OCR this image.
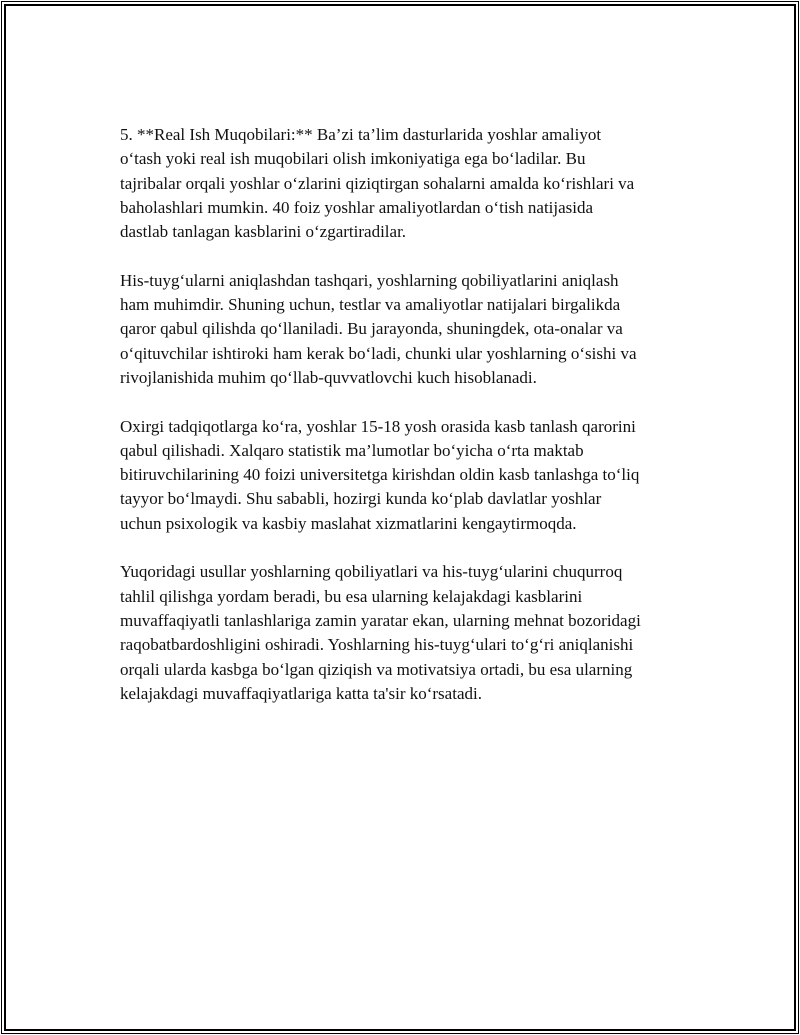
5. **Real Ish Muqobilari:** Ba’zi ta’lim dasturlarida yoshlar amaliyot
o‘tash yoki real ish muqobilari olish imkoniyatiga ega bo‘ladilar. Bu
tajribalar orqali yoshlar o‘zlarini qiziqtirgan sohalarni amalda ko‘rishlari va
baholashlari mumkin. 40 foiz yoshlar amaliyotlardan o‘tish natijasida
dastlab tanlagan kasblarini o‘zgartiradilar.

His-tuyg‘ularni aniqlashdan tashqari, yoshlarning qobiliyatlarini aniqlash
ham muhimdir. Shuning uchun, testlar va amaliyotlar natijalari birgalikda
qaror qabul qilishda qo‘llaniladi. Bu jarayonda, shuningdek, ota-onalar va
o‘qituvchilar ishtiroki ham kerak bo‘ladi, chunki ular yoshlarning o‘sishi va
rivojlanishida muhim qo‘llab-quvvatlovchi kuch hisoblanadi.

Oxirgi tadqiqotlarga ko‘ra, yoshlar 15-18 yosh orasida kasb tanlash qarorini
qabul qilishadi. Xalqaro statistik ma’lumotlar bo‘yicha o‘rta maktab
bitiruvchilarining 40 foizi universitetga kirishdan oldin kasb tanlashga to‘liq
tayyor bo‘lmaydi. Shu sababli, hozirgi kunda ko‘plab davlatlar yoshlar
uchun psixologik va kasbiy maslahat xizmatlarini kengaytirmoqda.

Yuqoridagi usullar yoshlarning qobiliyatlari va his-tuyg‘ularini chuqurroq
tahlil qilishga yordam beradi, bu esa ularning kelajakdagi kasblarini
muvaffaqiyatli tanlashlariga zamin yaratar ekan, ularning mehnat bozoridagi
raqobatbardoshligini oshiradi. Yoshlarning his-tuyg‘ulari to‘g‘ri aniqlanishi
orqali ularda kasbga bo‘lgan qiziqish va motivatsiya ortadi, bu esa ularning
kelajakdagi muvaffaqiyatlariga katta ta'sir ko‘rsatadi.
